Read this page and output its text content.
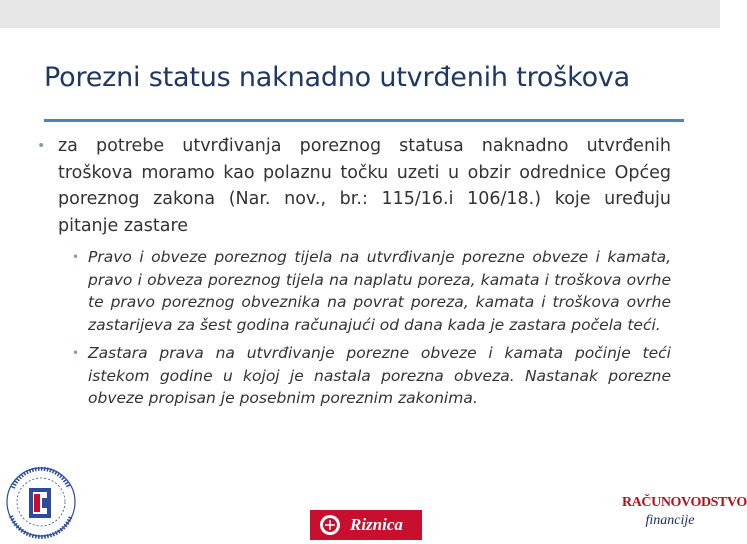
Porezni status naknadno utvrđenih troškova
• za potrebe utvrđivanja poreznog statusa naknadno utvrđenih troškova moramo kao polaznu točku uzeti u obzir odrednice Općeg poreznog zakona (Nar. nov., br.: 115/16.i 106/18.) koje uređuju pitanje zastare
• Pravo i obveze poreznog tijela na utvrđivanje porezne obveze i kamata, pravo i obveza poreznog tijela na naplatu poreza, kamata i troškova ovrhe te pravo poreznog obveznika na povrat poreza, kamata i troškova ovrhe zastarijeva za šest godina računajući od dana kada je zastara počela teći.
• Zastara prava na utvrđivanje porezne obveze i kamata počinje teći istekom godine u kojoj je nastala porezna obveza. Nastanak porezne obveze propisan je posebnim poreznim zakonima.
Riznica
RAČUNOVODSTVO
financije
